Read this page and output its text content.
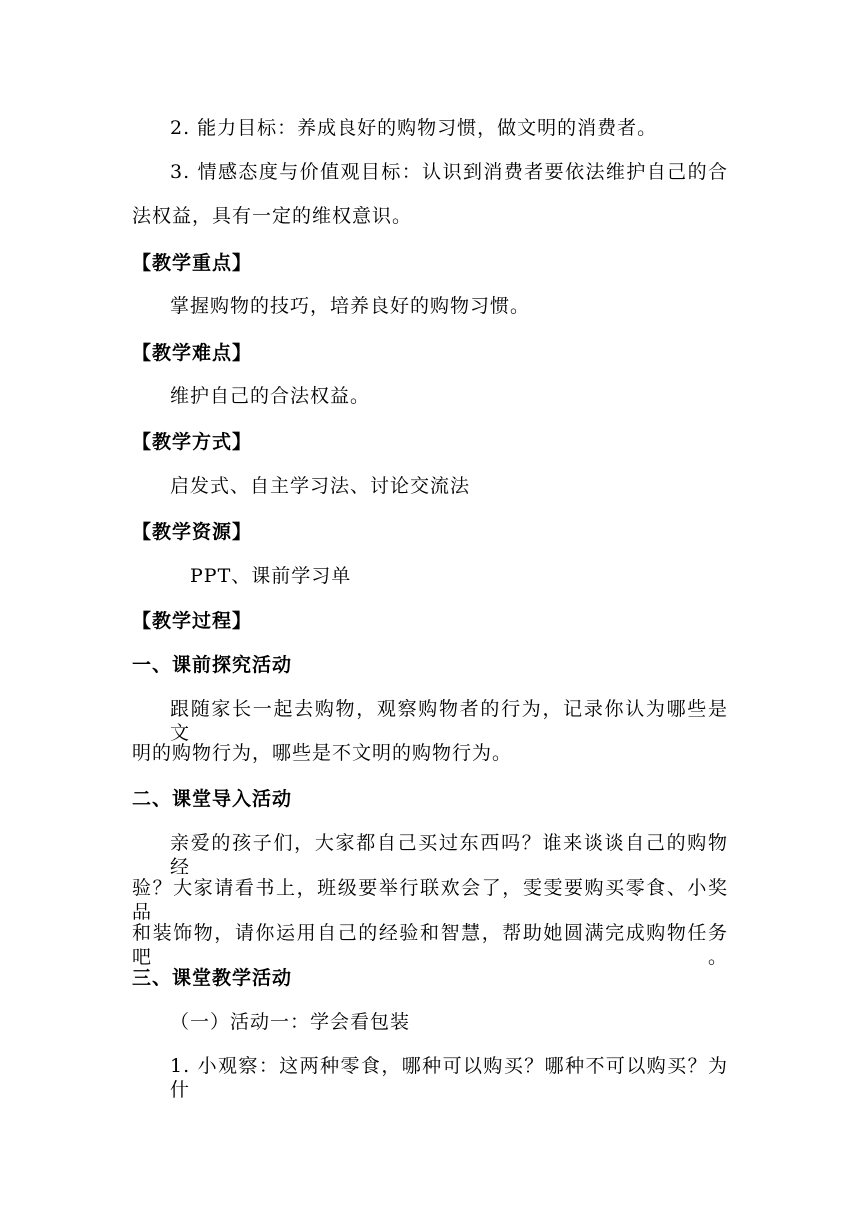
2. 能力目标：养成良好的购物习惯，做文明的消费者。
3. 情感态度与价值观目标：认识到消费者要依法维护自己的合
法权益，具有一定的维权意识。
【教学重点】
掌握购物的技巧，培养良好的购物习惯。
【教学难点】
维护自己的合法权益。
【教学方式】
启发式、自主学习法、讨论交流法
【教学资源】
PPT、课前学习单
【教学过程】
一、课前探究活动
跟随家长一起去购物，观察购物者的行为，记录你认为哪些是文
明的购物行为，哪些是不文明的购物行为。
二、课堂导入活动
亲爱的孩子们，大家都自己买过东西吗？谁来谈谈自己的购物经
验？大家请看书上，班级要举行联欢会了，雯雯要购买零食、小奖品
和装饰物，请你运用自己的经验和智慧，帮助她圆满完成购物任务吧。
三、课堂教学活动
（一）活动一：学会看包装
1. 小观察：这两种零食，哪种可以购买？哪种不可以购买？为什
